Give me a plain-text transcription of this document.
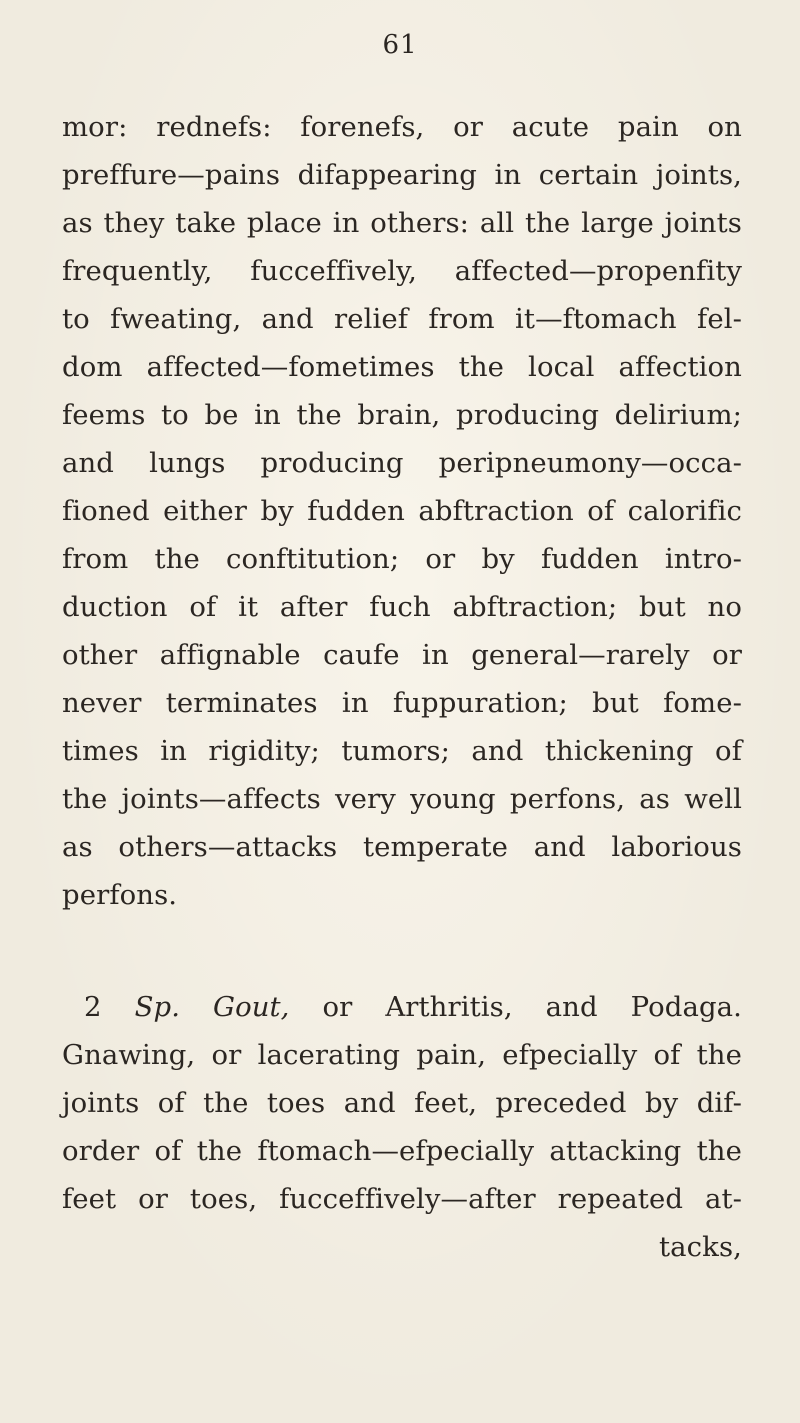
61
mor: rednefs: forenefs, or acute pain on
preffure—pains difappearing in certain joints,
as they take place in others: all the large joints
frequently, fucceffively, affected—propenfity
to fweating, and relief from it—ftomach fel-
dom affected—fometimes the local affection
feems to be in the brain, producing delirium;
and lungs producing peripneumony—occa-
fioned either by fudden abftraction of calorific
from the conftitution; or by fudden intro-
duction of it after fuch abftraction; but no
other affignable caufe in general—rarely or
never terminates in fuppuration; but fome-
times in rigidity; tumors; and thickening of
the joints—affects very young perfons, as well
as others—attacks temperate and laborious
perfons.
2 Sp. Gout, or Arthritis, and Podaga.
Gnawing, or lacerating pain, efpecially of the
joints of the toes and feet, preceded by dif-
order of the ftomach—efpecially attacking the
feet or toes, fucceffively—after repeated at-
tacks,
